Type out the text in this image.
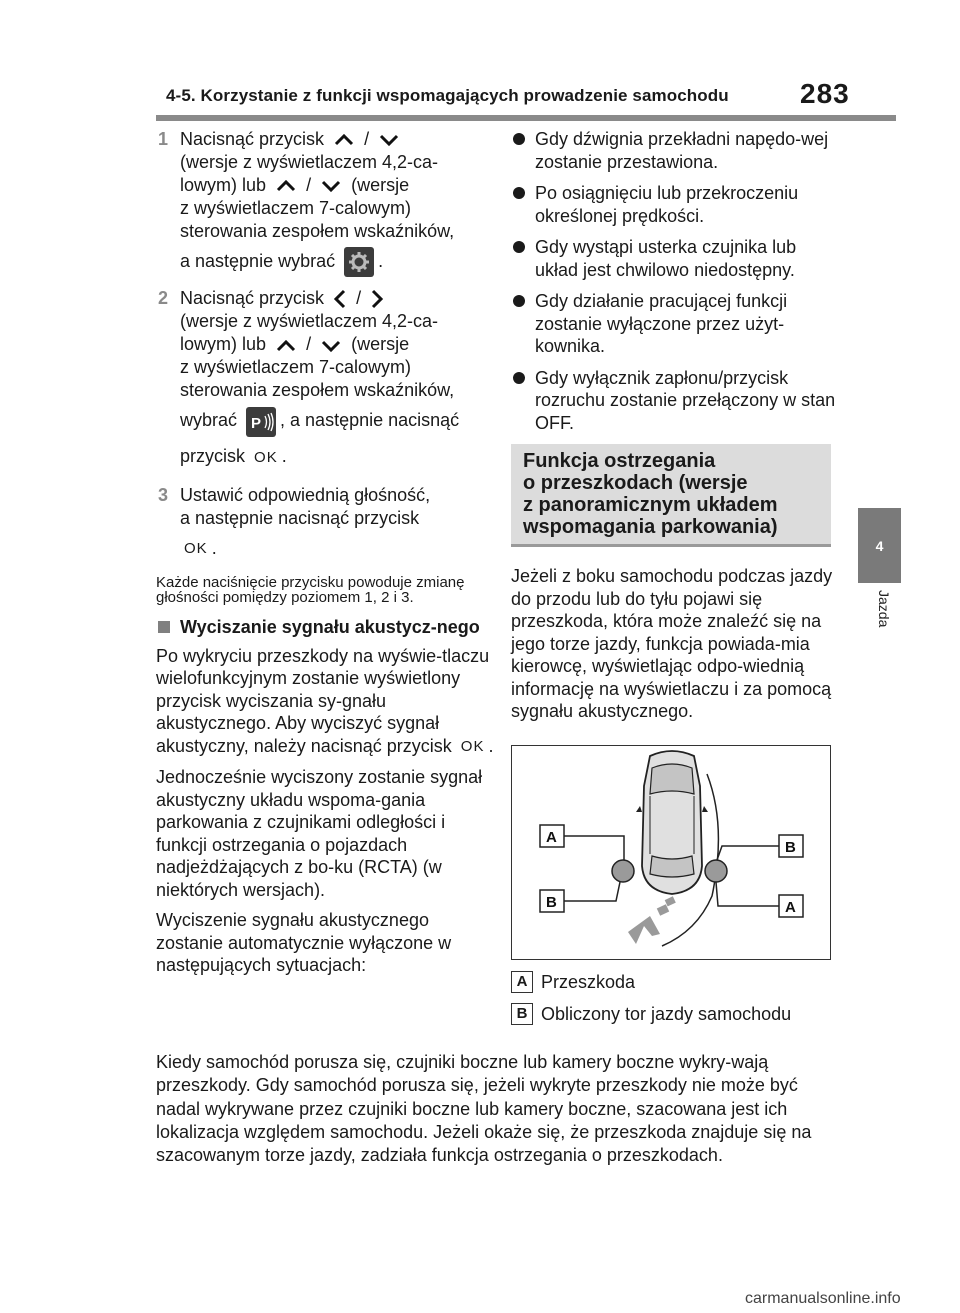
4-5. Korzystanie z funkcji wspomagających prowadzenie samochodu	283
4
Jazda
1 Nacisnąć przycisk /
(wersje z wyświetlaczem 4,2-ca-
lowym) lub / (wersje
z wyświetlaczem 7-calowym)
sterowania zespołem wskaźników,
a następnie wybrać .
2 Nacisnąć przycisk /
(wersje z wyświetlaczem 4,2-ca-
lowym) lub / (wersje
z wyświetlaczem 7-calowym)
sterowania zespołem wskaźników,
wybrać P , a następnie nacisnąć
przycisk OK .
3 Ustawić odpowiednią głośność,
a następnie nacisnąć przycisk
OK .
Każde naciśnięcie przycisku powoduje zmianę głośności pomiędzy poziomem 1, 2 i 3.
Wyciszanie sygnału akustycz-nego
Po wykryciu przeszkody na wyświe-tlaczu wielofunkcyjnym zostanie wyświetlony przycisk wyciszania sy-gnału akustycznego. Aby wyciszyć sygnał akustyczny, należy nacisnąć przycisk OK .
Jednocześnie wyciszony zostanie sygnał akustyczny układu wspoma-gania parkowania z czujnikami odległości i funkcji ostrzegania o pojazdach nadjeżdżających z bo-ku (RCTA) (w niektórych wersjach).
Wyciszenie sygnału akustycznego zostanie automatycznie wyłączone w następujących sytuacjach:
Gdy dźwignia przekładni napędo-wej zostanie przestawiona.
Po osiągnięciu lub przekroczeniu określonej prędkości.
Gdy wystąpi usterka czujnika lub układ jest chwilowo niedostępny.
Gdy działanie pracującej funkcji zostanie wyłączone przez użyt-kownika.
Gdy wyłącznik zapłonu/przycisk rozruchu zostanie przełączony w stan OFF.
Funkcja ostrzegania
o przeszkodach (wersje
z panoramicznym układem
wspomagania parkowania)
Jeżeli z boku samochodu podczas jazdy do przodu lub do tyłu pojawi się przeszkoda, która może znaleźć się na jego torze jazdy, funkcja powiada-mia kierowcę, wyświetlając odpo-wiednią informację na wyświetlaczu i za pomocą sygnału akustycznego.
A
B
B
A
A Przeszkoda
B Obliczony tor jazdy samochodu
Kiedy samochód porusza się, czujniki boczne lub kamery boczne wykry-wają przeszkody. Gdy samochód porusza się, jeżeli wykryte przeszkody nie może być nadal wykrywane przez czujniki boczne lub kamery boczne, szacowana jest ich lokalizacja względem samochodu. Jeżeli okaże się, że przeszkoda znajduje się na szacowanym torze jazdy, zadziała funkcja ostrzegania o przeszkodach.
carmanualsonline.info
